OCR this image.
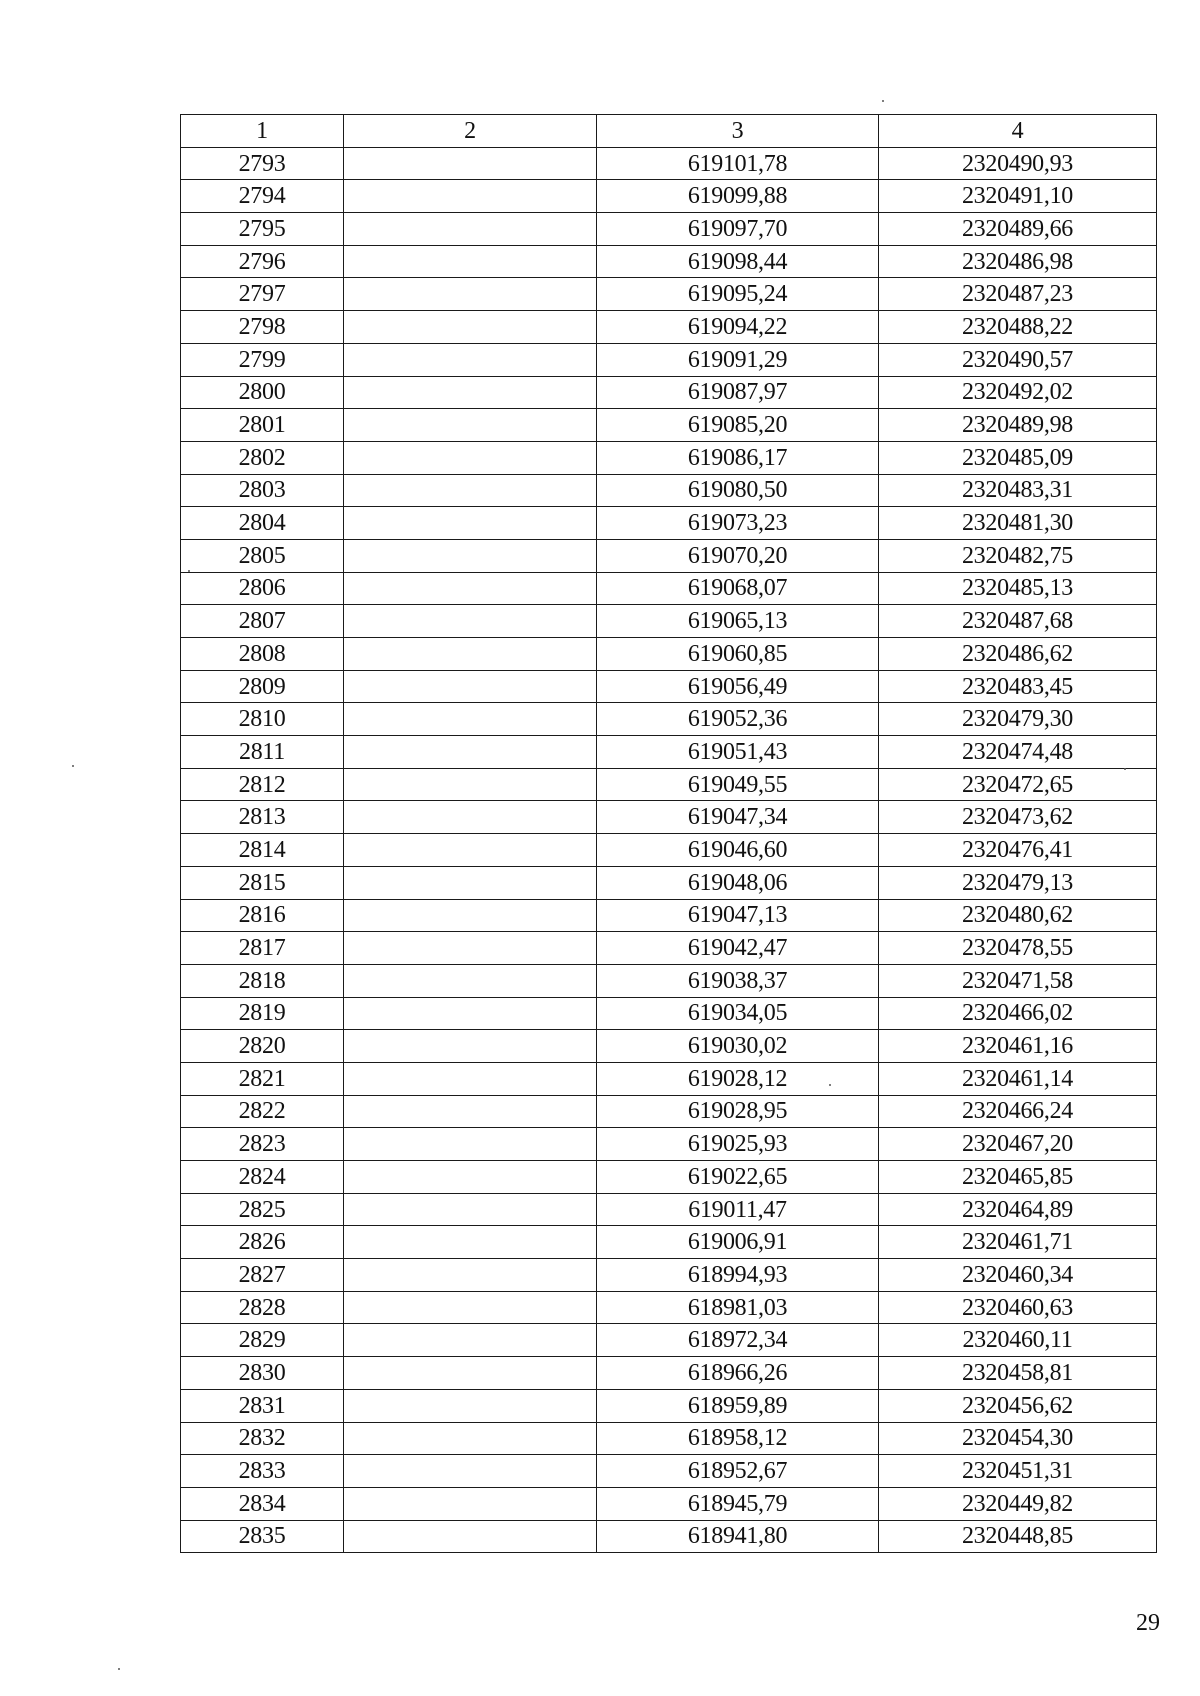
1	2	3	4
2793		619101,78	2320490,93
2794		619099,88	2320491,10
2795		619097,70	2320489,66
2796		619098,44	2320486,98
2797		619095,24	2320487,23
2798		619094,22	2320488,22
2799		619091,29	2320490,57
2800		619087,97	2320492,02
2801		619085,20	2320489,98
2802		619086,17	2320485,09
2803		619080,50	2320483,31
2804		619073,23	2320481,30
2805		619070,20	2320482,75
2806		619068,07	2320485,13
2807		619065,13	2320487,68
2808		619060,85	2320486,62
2809		619056,49	2320483,45
2810		619052,36	2320479,30
2811		619051,43	2320474,48
2812		619049,55	2320472,65
2813		619047,34	2320473,62
2814		619046,60	2320476,41
2815		619048,06	2320479,13
2816		619047,13	2320480,62
2817		619042,47	2320478,55
2818		619038,37	2320471,58
2819		619034,05	2320466,02
2820		619030,02	2320461,16
2821		619028,12	2320461,14
2822		619028,95	2320466,24
2823		619025,93	2320467,20
2824		619022,65	2320465,85
2825		619011,47	2320464,89
2826		619006,91	2320461,71
2827		618994,93	2320460,34
2828		618981,03	2320460,63
2829		618972,34	2320460,11
2830		618966,26	2320458,81
2831		618959,89	2320456,62
2832		618958,12	2320454,30
2833		618952,67	2320451,31
2834		618945,79	2320449,82
2835		618941,80	2320448,85
29
